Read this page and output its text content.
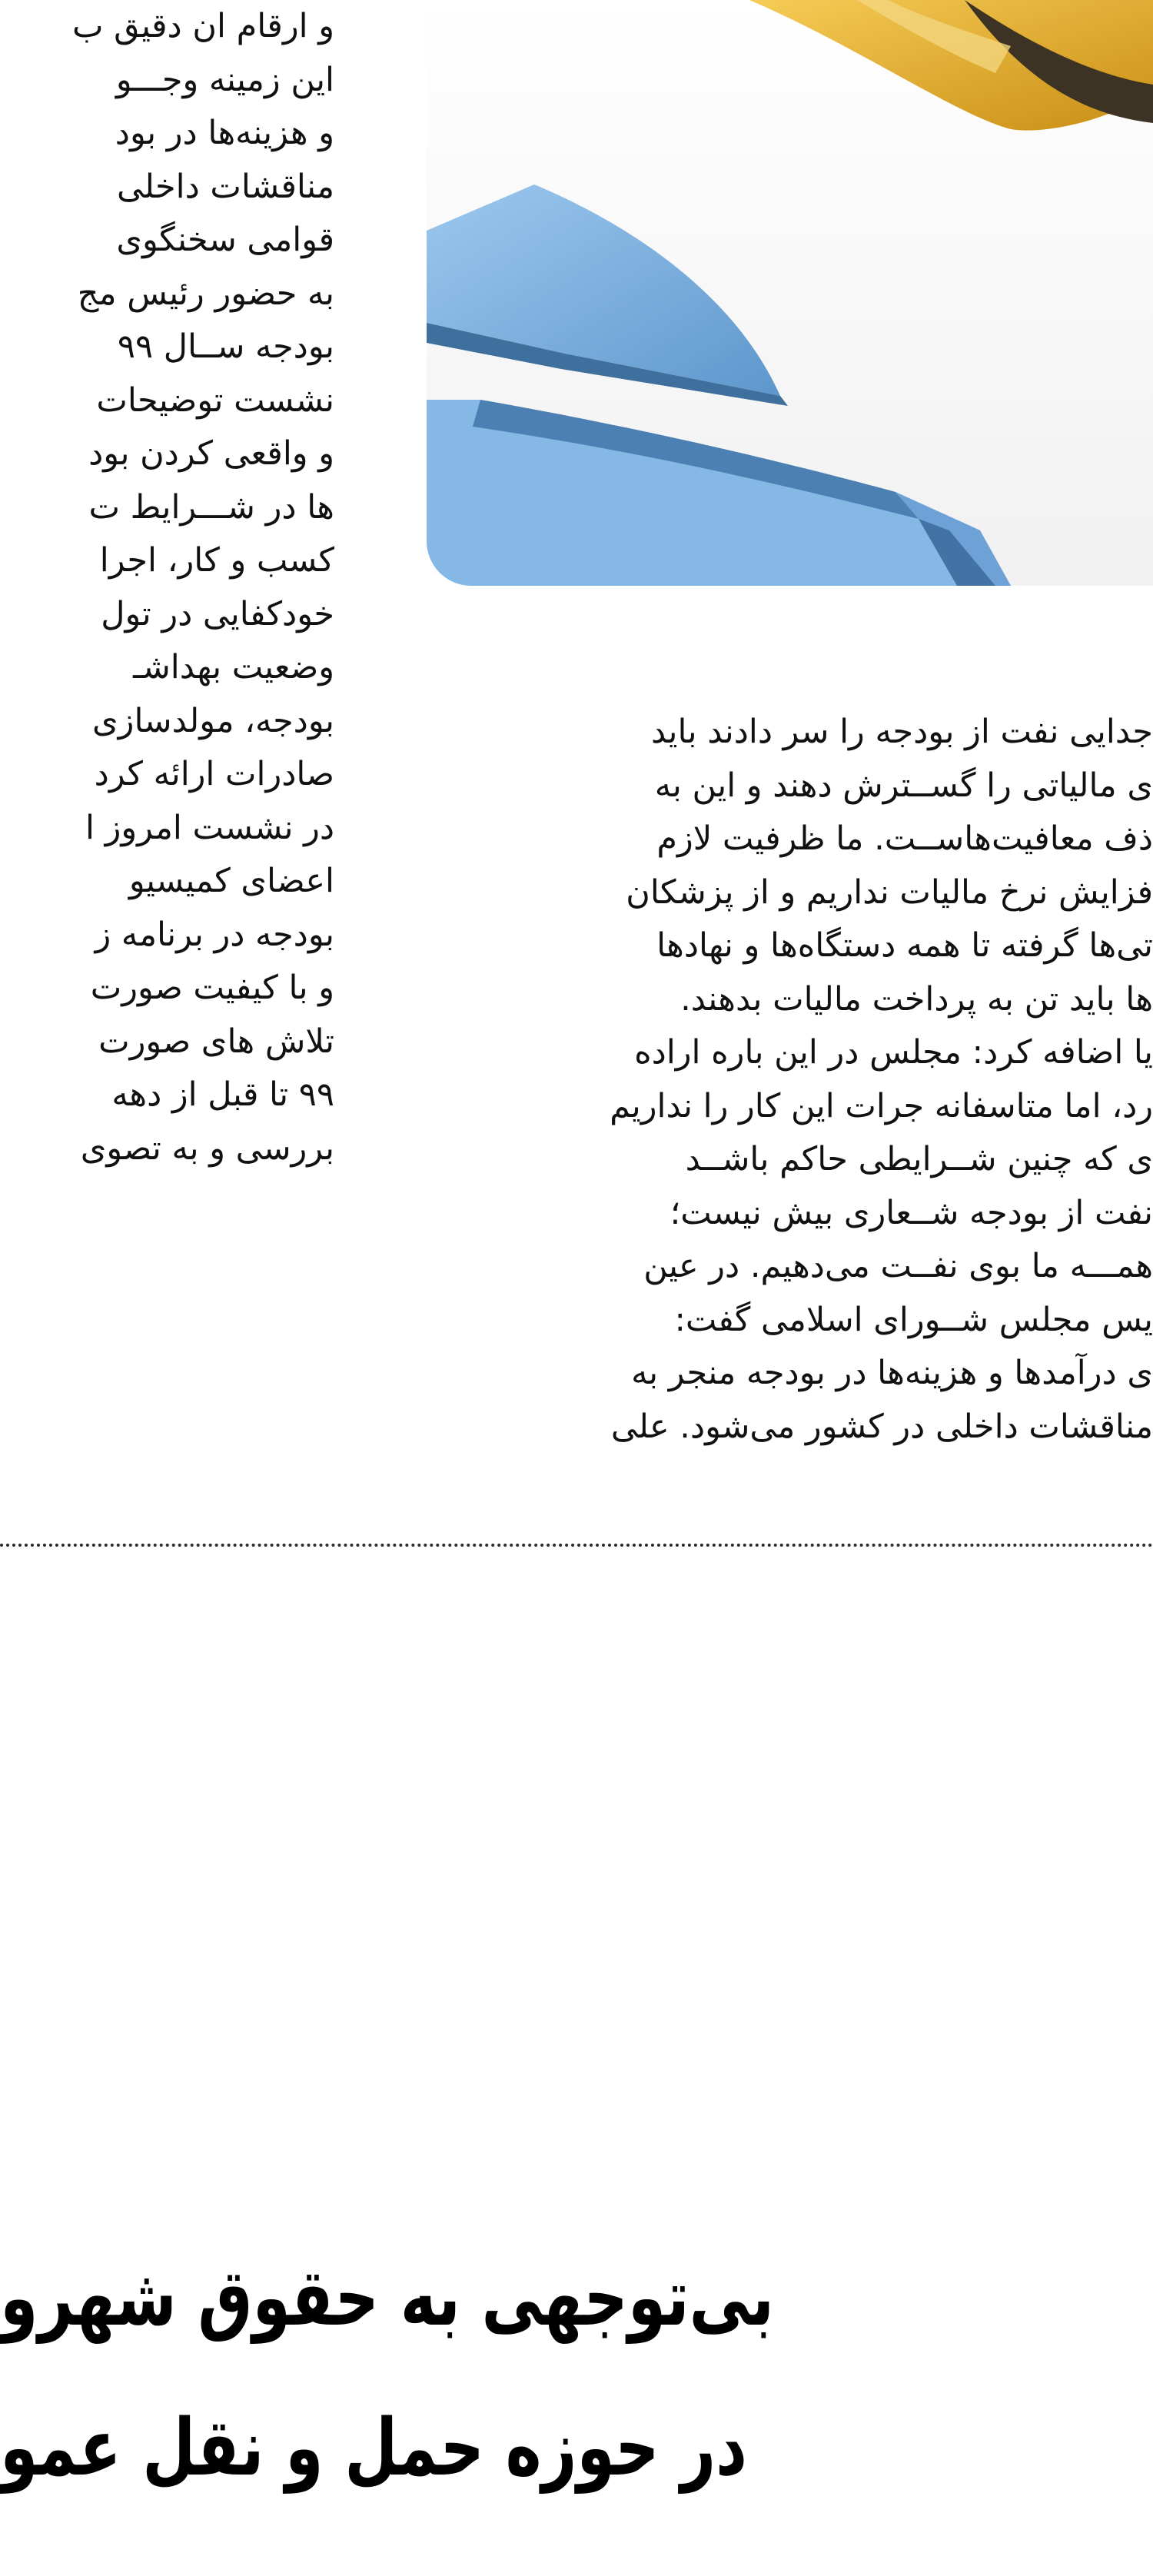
و ارقام ان دقیق ب
این زمینه وجـــو
و هزینه‌ها در بود
مناقشات داخلی
قوامی سخنگوی
به حضور رئیس مج
بودجه ســال ۹۹
نشست توضیحات
و واقعی کردن بود
ها در شـــرایط ت
کسب و کار، اجرا
خودکفایی در تول
وضعیت بهداشـ
بودجه، مولدسازی
صادرات ارائه کرد
در نشست امروز ا
اعضای کمیسیو
بودجه در برنامه ز
و با کیفیت صورت
تلاش های صورت
۹۹ تا قبل از دهه
بررسی و به تصوی
جدایی نفت از بودجه را سر دادند باید
ی مالیاتی را گســترش دهند و این به
ذف معافیت‌هاســت. ما ظرفیت لازم
فزایش نرخ مالیات نداریم و از پزشکان
تی‌ها گرفته تا همه دستگاه‌ها و نهادها
ها باید تن به پرداخت مالیات بدهند.
یا اضافه کرد: مجلس در این باره اراده
رد، اما متاسفانه جرات این کار را نداریم
ی که چنین شــرایطی حاکم باشــد
نفت از بودجه شــعاری بیش نیست؛
همـــه ما بوی نفــت می‌دهیم. در عین
یس مجلس شــورای اسلامی گفت:
ی درآمدها و هزینه‌ها در بودجه منجر به
مناقشات داخلی در کشور می‌شود. علی
بی‌توجهی به حقوق شهرو
در حوزه حمل و نقل عمو
